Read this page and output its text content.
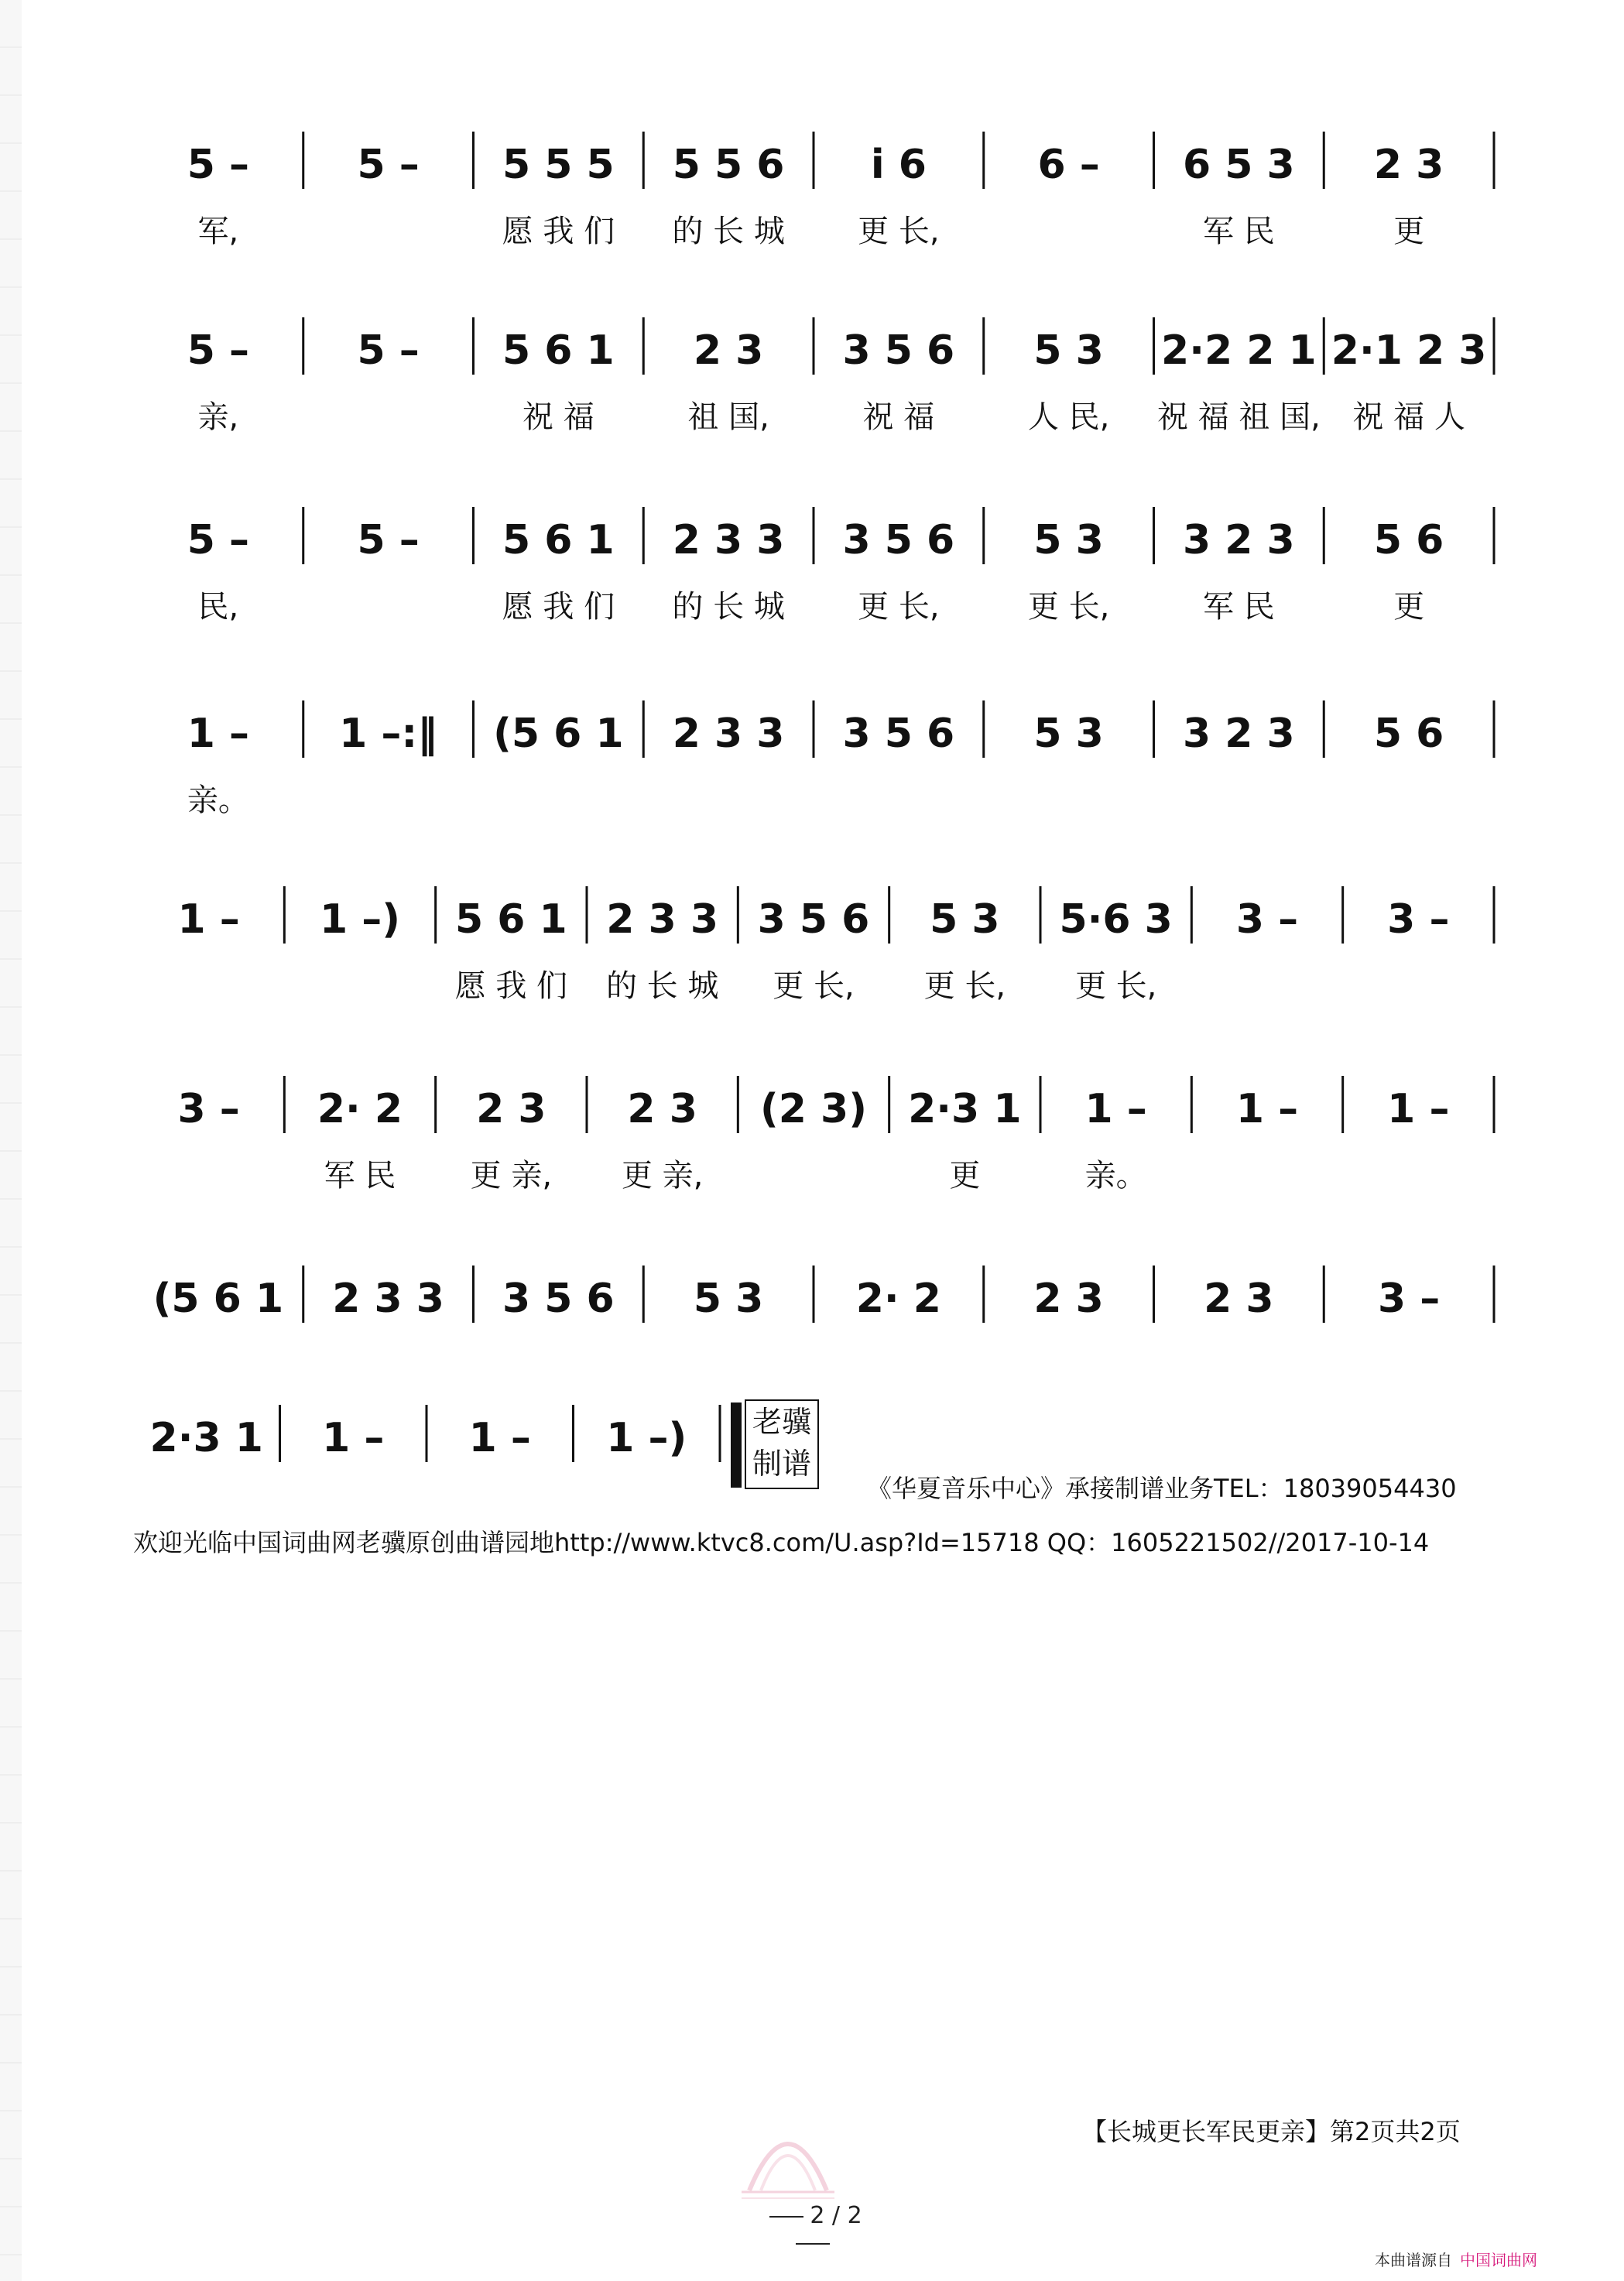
5 –
军,
5 – 5 5 5
愿 我 们
5 5 6
的 长 城
i 6
更 长,
6 – 6 5 3
军 民
2 3
更
5 –
亲,
5 – 5 6 1
祝 福
2 3
祖 国,
3 5 6
祝 福
5 3
人 民,
2·2 2 1
祝 福 祖 国,
2·1 2 3
祝 福 人
5 –
民,
5 – 5 6 1
愿 我 们
2 3 3
的 长 城
3 5 6
更 长,
5 3
更 长,
3 2 3
军 民
5 6
更
1 –
亲。
1 –:‖ (5 6 1 2 3 3 3 5 6 5 3 3 2 3 5 6
1 – 1 –) 5 6 1
愿 我 们
2 3 3
的 长 城
3 5 6
更 长,
5 3
更 长,
5·6 3
更 长,
3 – 3 –
3 – 2· 2
军 民
2 3
更 亲,
2 3
更 亲,
(2 3) 2·3 1
更
1 –
亲。
1 – 1 –
(5 6 1 2 3 3 3 5 6 5 3 2· 2 2 3 2 3	3 –
2·3 1 1 – 1 – 1 –) 老骥
制谱
《华夏音乐中心》承接制谱业务TEL：18039054430
欢迎光临中国词曲网老骥原创曲谱园地http://www.ktvc8.com/U.asp?Id=15718 QQ：1605221502//2017-10-14
【长城更长军民更亲】第2页共2页
2 / 2
本曲谱源自 中国词曲网
